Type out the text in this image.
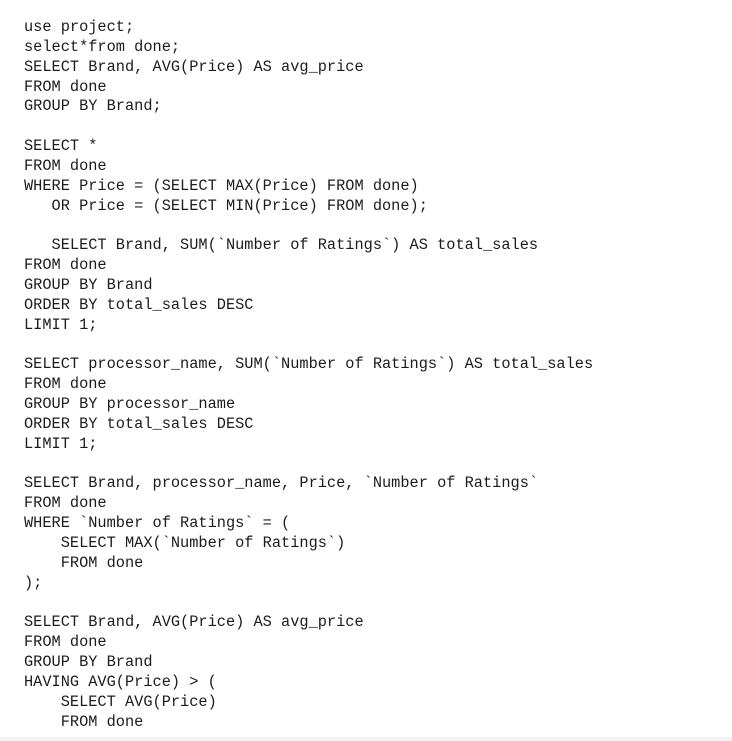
use project;
select*from done;
SELECT Brand, AVG(Price) AS avg_price
FROM done
GROUP BY Brand;
SELECT *
FROM done
WHERE Price = (SELECT MAX(Price) FROM done)
OR Price = (SELECT MIN(Price) FROM done);
SELECT Brand, SUM(`Number of Ratings`) AS total_sales
FROM done
GROUP BY Brand
ORDER BY total_sales DESC
LIMIT 1;
SELECT processor_name, SUM(`Number of Ratings`) AS total_sales
FROM done
GROUP BY processor_name
ORDER BY total_sales DESC
LIMIT 1;
SELECT Brand, processor_name, Price, `Number of Ratings`
FROM done
WHERE `Number of Ratings` = (
SELECT MAX(`Number of Ratings`)
FROM done
);
SELECT Brand, AVG(Price) AS avg_price
FROM done
GROUP BY Brand
HAVING AVG(Price) > (
SELECT AVG(Price)
FROM done
